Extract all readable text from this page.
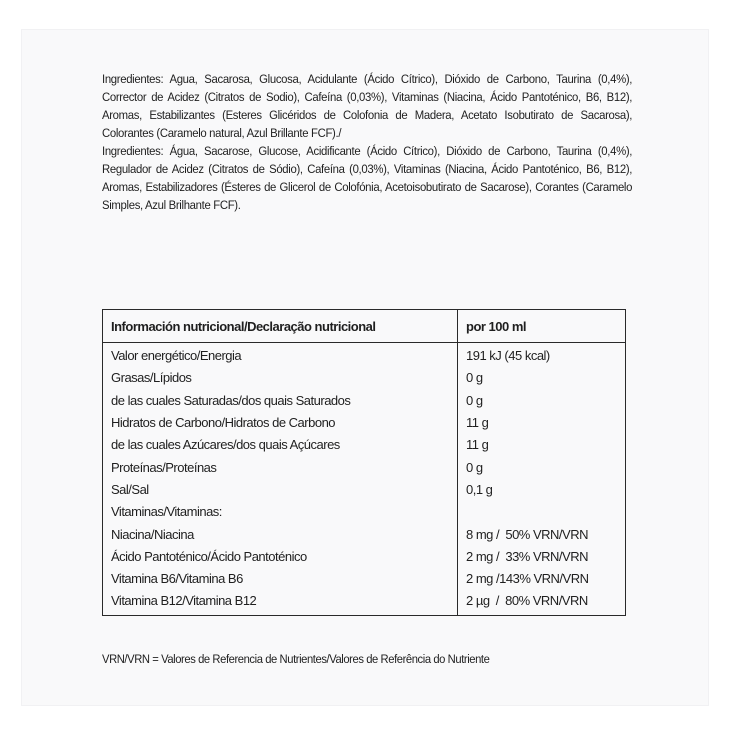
Ingredientes: Agua, Sacarosa, Glucosa, Acidulante (Ácido Cítrico), Dióxido de Carbono, Taurina (0,4%), Corrector de Acidez (Citratos de Sodio), Cafeína (0,03%), Vitaminas (Niacina, Ácido Pantoténico, B6, B12), Aromas, Estabilizantes (Esteres Glicéridos de Colofonia de Madera, Acetato Isobutirato de Sacarosa), Colorantes (Caramelo natural, Azul Brillante FCF)./

Ingredientes: Água, Sacarose, Glucose, Acidificante (Ácido Cítrico), Dióxido de Carbono, Taurina (0,4%), Regulador de Acidez (Citratos de Sódio), Cafeína (0,03%), Vitaminas (Niacina, Ácido Pantoténico, B6, B12), Aromas, Estabilizadores (Ésteres de Glicerol de Colofónia, Acetoisobutirato de Sacarose), Corantes (Caramelo Simples, Azul Brilhante FCF).

Información nutricional/Declaração nutricional	por 100 ml
Valor energético/Energia	191 kJ (45 kcal)
Grasas/Lípidos	0 g
de las cuales Saturadas/dos quais Saturados	0 g
Hidratos de Carbono/Hidratos de Carbono	11 g
de las cuales Azúcares/dos quais Açúcares	11 g
Proteínas/Proteínas	0 g
Sal/Sal	0,1 g
Vitaminas/Vitaminas:	
Niacina/Niacina	8 mg /  50% VRN/VRN
Ácido Pantoténico/Ácido Pantoténico	2 mg /  33% VRN/VRN
Vitamina B6/Vitamina B6	2 mg /143% VRN/VRN
Vitamina B12/Vitamina B12	2 µg  /  80% VRN/VRN
VRN/VRN = Valores de Referencia de Nutrientes/Valores de Referência do Nutriente
